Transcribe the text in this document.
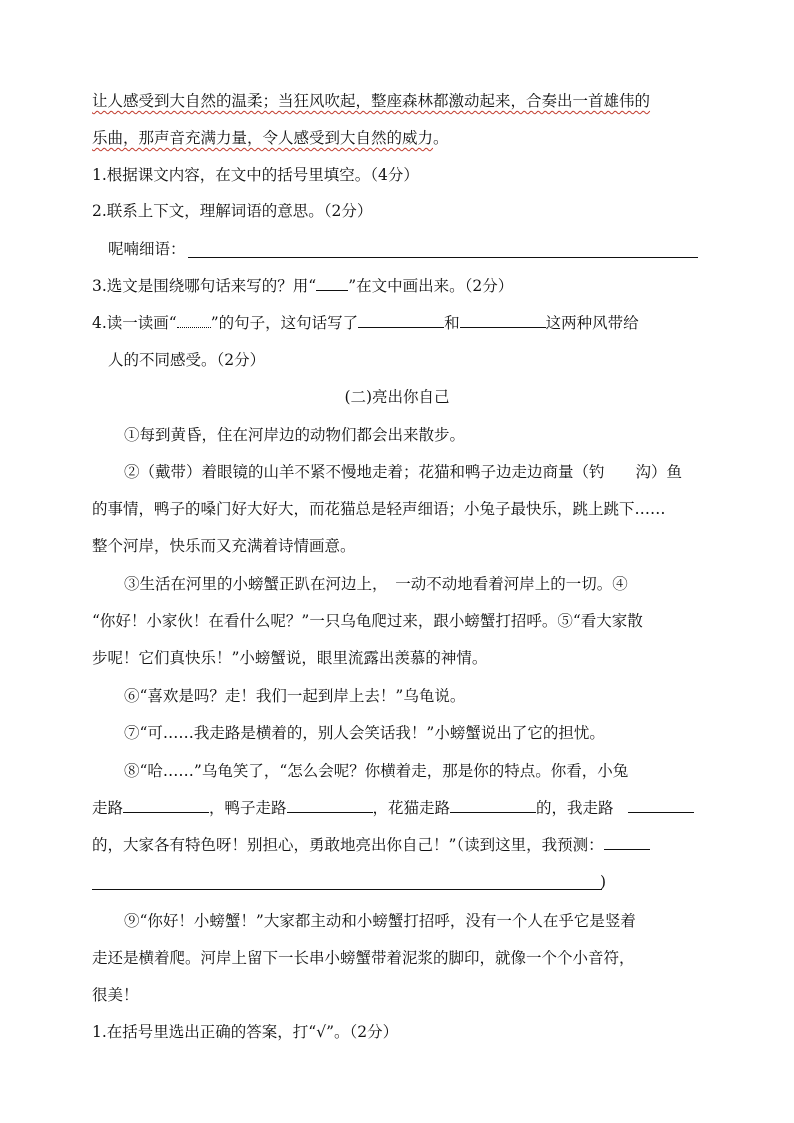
让人感受到大自然的温柔；当狂风吹起，整座森林都激动起来，合奏出一首雄伟的
乐曲，那声音充满力量，令人感受到大自然的威力。
1.根据课文内容，在文中的括号里填空。（4分）
2.联系上下文，理解词语的意思。（2分）
呢喃细语：
3.选文是围绕哪句话来写的？用“ ”在文中画出来。（2分）
4.读一读画“ ”的句子，这句话写了	和	这两种风带给
人的不同感受。（2分）
(二)亮出你自己
①每到黄昏，住在河岸边的动物们都会出来散步。
②（戴带）着眼镜的山羊不紧不慢地走着；花猫和鸭子边走边商量（钓　　沟）鱼
的事情，鸭子的嗓门好大好大，而花猫总是轻声细语；小兔子最快乐，跳上跳下……
整个河岸，快乐而又充满着诗情画意。
③生活在河里的小螃蟹正趴在河边上，　一动不动地看着河岸上的一切。④
“你好！小家伙！在看什么呢？”一只乌龟爬过来，跟小螃蟹打招呼。⑤“看大家散
步呢！它们真快乐！”小螃蟹说，眼里流露出羡慕的神情。
⑥“喜欢是吗？走！我们一起到岸上去！”乌龟说。
⑦“可……我走路是横着的，别人会笑话我！”小螃蟹说出了它的担忧。
⑧“哈……”乌龟笑了，“怎么会呢？你横着走，那是你的特点。你看，小兔
走路	，鸭子走路	，花猫走路	的，我走路
的，大家各有特色呀！别担心，勇敢地亮出你自己！”（读到这里，我预测：
)
⑨“你好！小螃蟹！”大家都主动和小螃蟹打招呼，没有一个人在乎它是竖着
走还是横着爬。河岸上留下一长串小螃蟹带着泥浆的脚印，就像一个个小音符，
很美！
1.在括号里选出正确的答案，打“√”。（2分）
